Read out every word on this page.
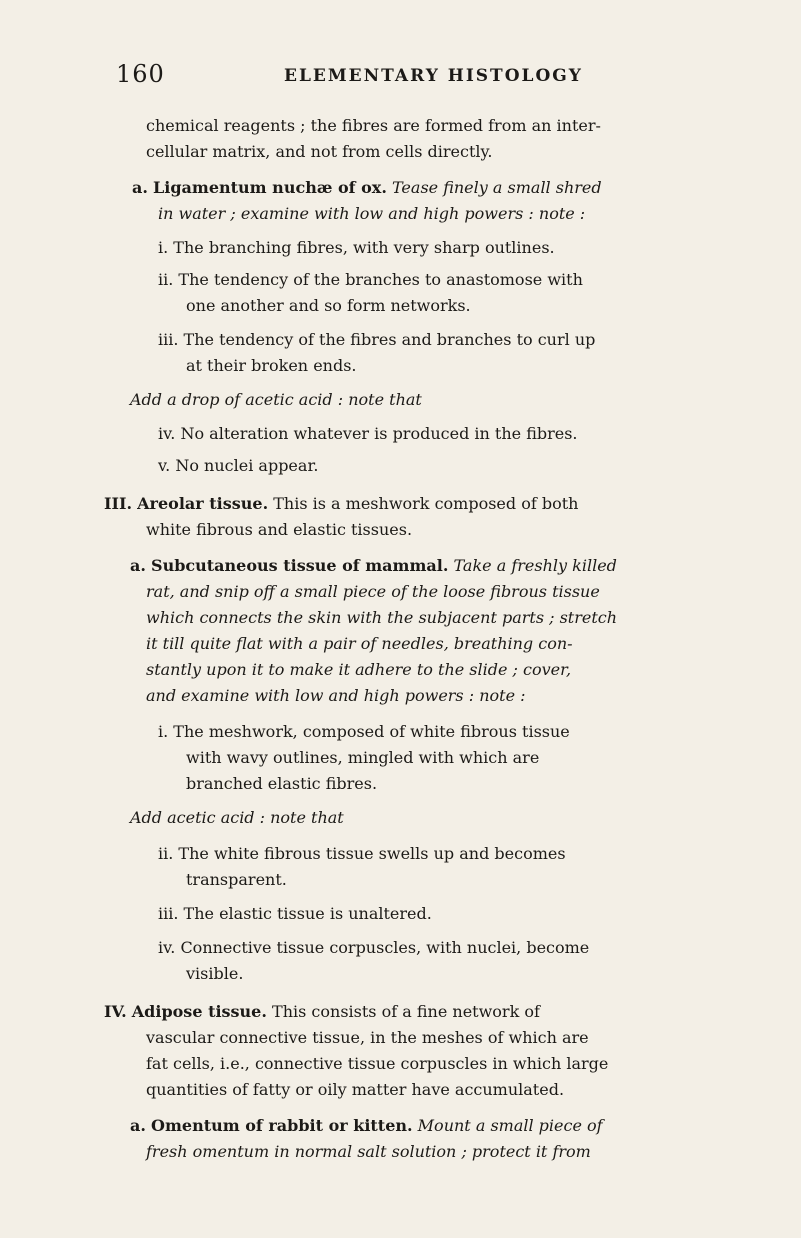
160	ELEMENTARY HISTOLOGY
chemical reagents ; the fibres are formed from an inter-
cellular matrix, and not from cells directly.
a. Ligamentum nuchæ of ox. Tease finely a small shred
in water ; examine with low and high powers : note :
i. The branching fibres, with very sharp outlines.
ii. The tendency of the branches to anastomose with
one another and so form networks.
iii. The tendency of the fibres and branches to curl up
at their broken ends.
Add a drop of acetic acid : note that
iv. No alteration whatever is produced in the fibres.
v. No nuclei appear.
III. Areolar tissue. This is a meshwork composed of both
white fibrous and elastic tissues.
a. Subcutaneous tissue of mammal. Take a freshly killed
rat, and snip off a small piece of the loose fibrous tissue
which connects the skin with the subjacent parts ; stretch
it till quite flat with a pair of needles, breathing con-
stantly upon it to make it adhere to the slide ; cover,
and examine with low and high powers : note :
i. The meshwork, composed of white fibrous tissue
with wavy outlines, mingled with which are
branched elastic fibres.
Add acetic acid : note that
ii. The white fibrous tissue swells up and becomes
transparent.
iii. The elastic tissue is unaltered.
iv. Connective tissue corpuscles, with nuclei, become
visible.
IV. Adipose tissue. This consists of a fine network of
vascular connective tissue, in the meshes of which are
fat cells, i.e., connective tissue corpuscles in which large
quantities of fatty or oily matter have accumulated.
a. Omentum of rabbit or kitten. Mount a small piece of
fresh omentum in normal salt solution ; protect it from
